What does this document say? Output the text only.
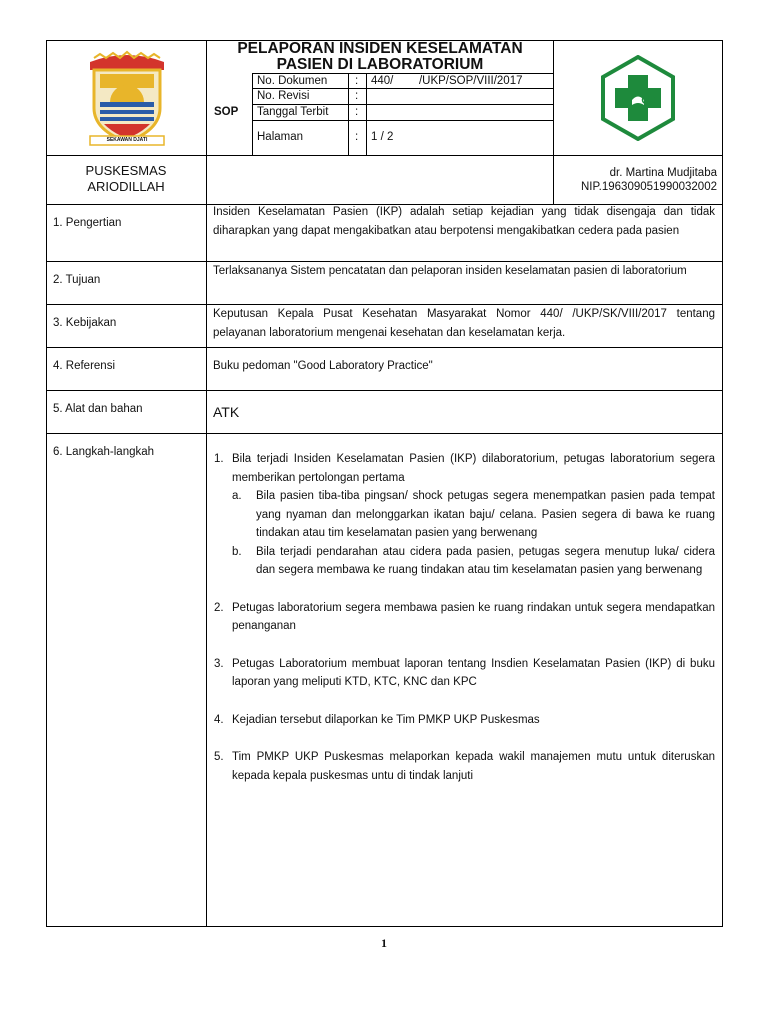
SEKAWAN DJATI
PELAPORAN INSIDEN KESELAMATAN
PASIEN DI LABORATORIUM
SOP
No. Dokumen : 440/        /UKP/SOP/VIII/2017
No. Revisi	:
Tanggal Terbit :
Halaman	: 1 / 2
PUSKESMAS
ARIODILLAH
dr. Martina Mudjitaba
NIP.196309051990032002
1. Pengertian
Insiden Keselamatan Pasien (IKP) adalah setiap kejadian yang tidak disengaja dan tidak diharapkan yang dapat mengakibatkan atau berpotensi mengakibatkan cedera pada pasien
2. Tujuan
Terlaksananya Sistem pencatatan dan pelaporan insiden keselamatan pasien di laboratorium
3. Kebijakan
Keputusan Kepala Pusat Kesehatan Masyarakat Nomor 440/ /UKP/SK/VIII/2017 tentang pelayanan laboratorium mengenai kesehatan dan keselamatan kerja.
4. Referensi	Buku pedoman "Good Laboratory Practice"
5. Alat dan bahan	ATK
6. Langkah-langkah
1. Bila terjadi Insiden Keselamatan Pasien (IKP) dilaboratorium, petugas laboratorium segera memberikan pertolongan pertama
a. Bila pasien tiba-tiba pingsan/ shock petugas segera menempatkan pasien pada tempat yang nyaman dan melonggarkan ikatan baju/ celana. Pasien segera di bawa ke ruang tindakan atau tim keselamatan pasien yang berwenang
b. Bila terjadi pendarahan atau cidera pada pasien, petugas segera menutup luka/ cidera dan segera membawa ke ruang tindakan atau tim keselamatan pasien yang berwenang
2. Petugas laboratorium segera membawa pasien ke ruang rindakan untuk segera mendapatkan penanganan
3. Petugas Laboratorium membuat laporan tentang Insdien Keselamatan Pasien (IKP) di buku laporan yang meliputi KTD, KTC, KNC dan KPC
4. Kejadian tersebut dilaporkan ke Tim PMKP UKP Puskesmas
5. Tim PMKP UKP Puskesmas melaporkan kepada wakil manajemen mutu untuk diteruskan kepada kepala puskesmas untu di tindak lanjuti
1
